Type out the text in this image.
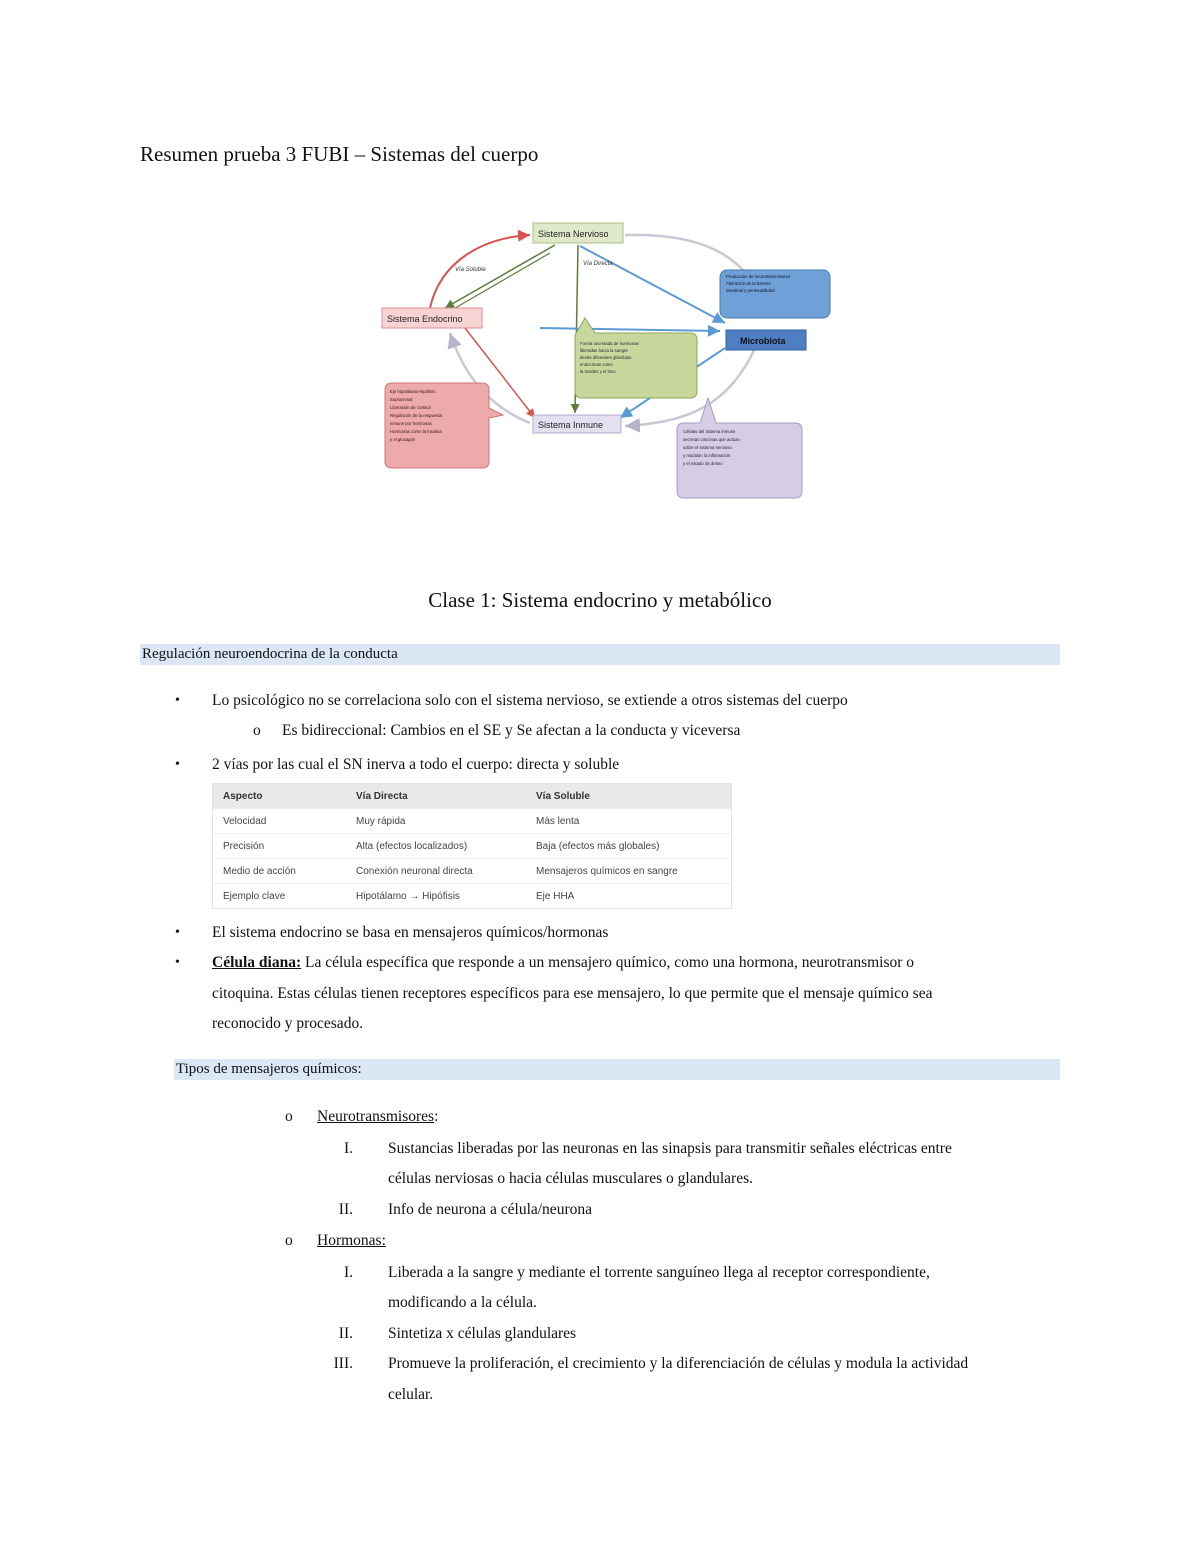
Resumen prueba 3 FUBI – Sistemas del cuerpo
Vía Soluble
Vía Directa
Sistema Nervioso
Sistema Endocrino
Sistema Inmune
Microbiota
Producción de neurotransmisores Alteración de la barrera intestinal y permeabilidad
Forma secretada de hormonas liberadas hacia la sangre desde diferentes glándulas endocrinas como la tiroides y el timo
Eje hipotálamo-hipófisis Suprarrenal Liberación de cortisol Regulación de la respuesta inmune por hormonas Hormonas como la insulina y el glucagón
Células del sistema inmune secretan citocinas que actúan sobre el sistema nervioso y modulan la inflamación y el estado de ánimo
Clase 1: Sistema endocrino y metabólico
Regulación neuroendocrina de la conducta
• Lo psicológico no se correlaciona solo con el sistema nervioso, se extiende a otros sistemas del cuerpo
o Es bidireccional: Cambios en el SE y Se afectan a la conducta y viceversa
• 2 vías por las cual el SN inerva a todo el cuerpo: directa y soluble
Aspecto	Vía Directa	Vía Soluble
Velocidad	Muy rápida	Más lenta
Precisión	Alta (efectos localizados)	Baja (efectos más globales)
Medio de acción	Conexión neuronal directa	Mensajeros químicos en sangre
Ejemplo clave	Hipotálamo → Hipófisis	Eje HHA
• El sistema endocrino se basa en mensajeros químicos/hormonas
• Célula diana: La célula específica que responde a un mensajero químico, como una hormona, neurotransmisor o
citoquina. Estas células tienen receptores específicos para ese mensajero, lo que permite que el mensaje químico sea
reconocido y procesado.
Tipos de mensajeros químicos:
o Neurotransmisores:
I. Sustancias liberadas por las neuronas en las sinapsis para transmitir señales eléctricas entre
células nerviosas o hacia células musculares o glandulares.
II. Info de neurona a célula/neurona
o Hormonas:
I. Liberada a la sangre y mediante el torrente sanguíneo llega al receptor correspondiente,
modificando a la célula.
II. Sintetiza x células glandulares
III. Promueve la proliferación, el crecimiento y la diferenciación de células y modula la actividad
celular.
